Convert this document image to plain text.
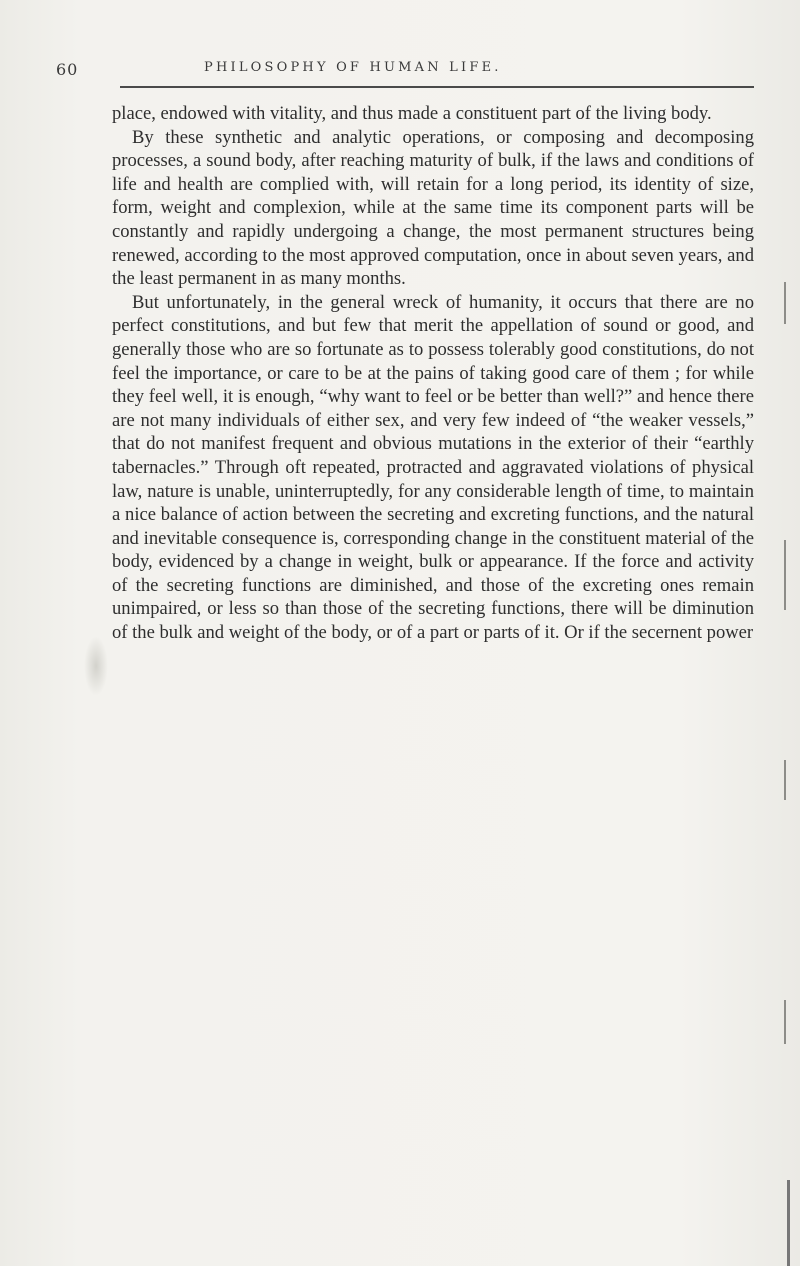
60	PHILOSOPHY OF HUMAN LIFE.

place, endowed with vitality, and thus made a constituent part of the living body.

By these synthetic and analytic operations, or composing and decomposing processes, a sound body, after reaching maturity of bulk, if the laws and conditions of life and health are complied with, will retain for a long period, its identity of size, form, weight and complexion, while at the same time its component parts will be constantly and rapidly undergoing a change, the most permanent structures being renewed, according to the most approved computation, once in about seven years, and the least permanent in as many months.

But unfortunately, in the general wreck of humanity, it occurs that there are no perfect constitutions, and but few that merit the appellation of sound or good, and generally those who are so fortunate as to possess tolerably good constitutions, do not feel the importance, or care to be at the pains of taking good care of them ; for while they feel well, it is enough, “why want to feel or be better than well?” and hence there are not many individuals of either sex, and very few indeed of “the weaker vessels,” that do not manifest frequent and obvious mutations in the exterior of their “earthly tabernacles.” Through oft repeated, protracted and aggravated violations of physical law, nature is unable, uninterruptedly, for any considerable length of time, to maintain a nice balance of action between the secreting and excreting functions, and the natural and inevitable consequence is, corresponding change in the constituent material of the body, evidenced by a change in weight, bulk or appearance. If the force and activity of the secreting functions are diminished, and those of the excreting ones remain unimpaired, or less so than those of the secreting functions, there will be diminution of the bulk and weight of the body, or of a part or parts of it. Or if the secernent power
